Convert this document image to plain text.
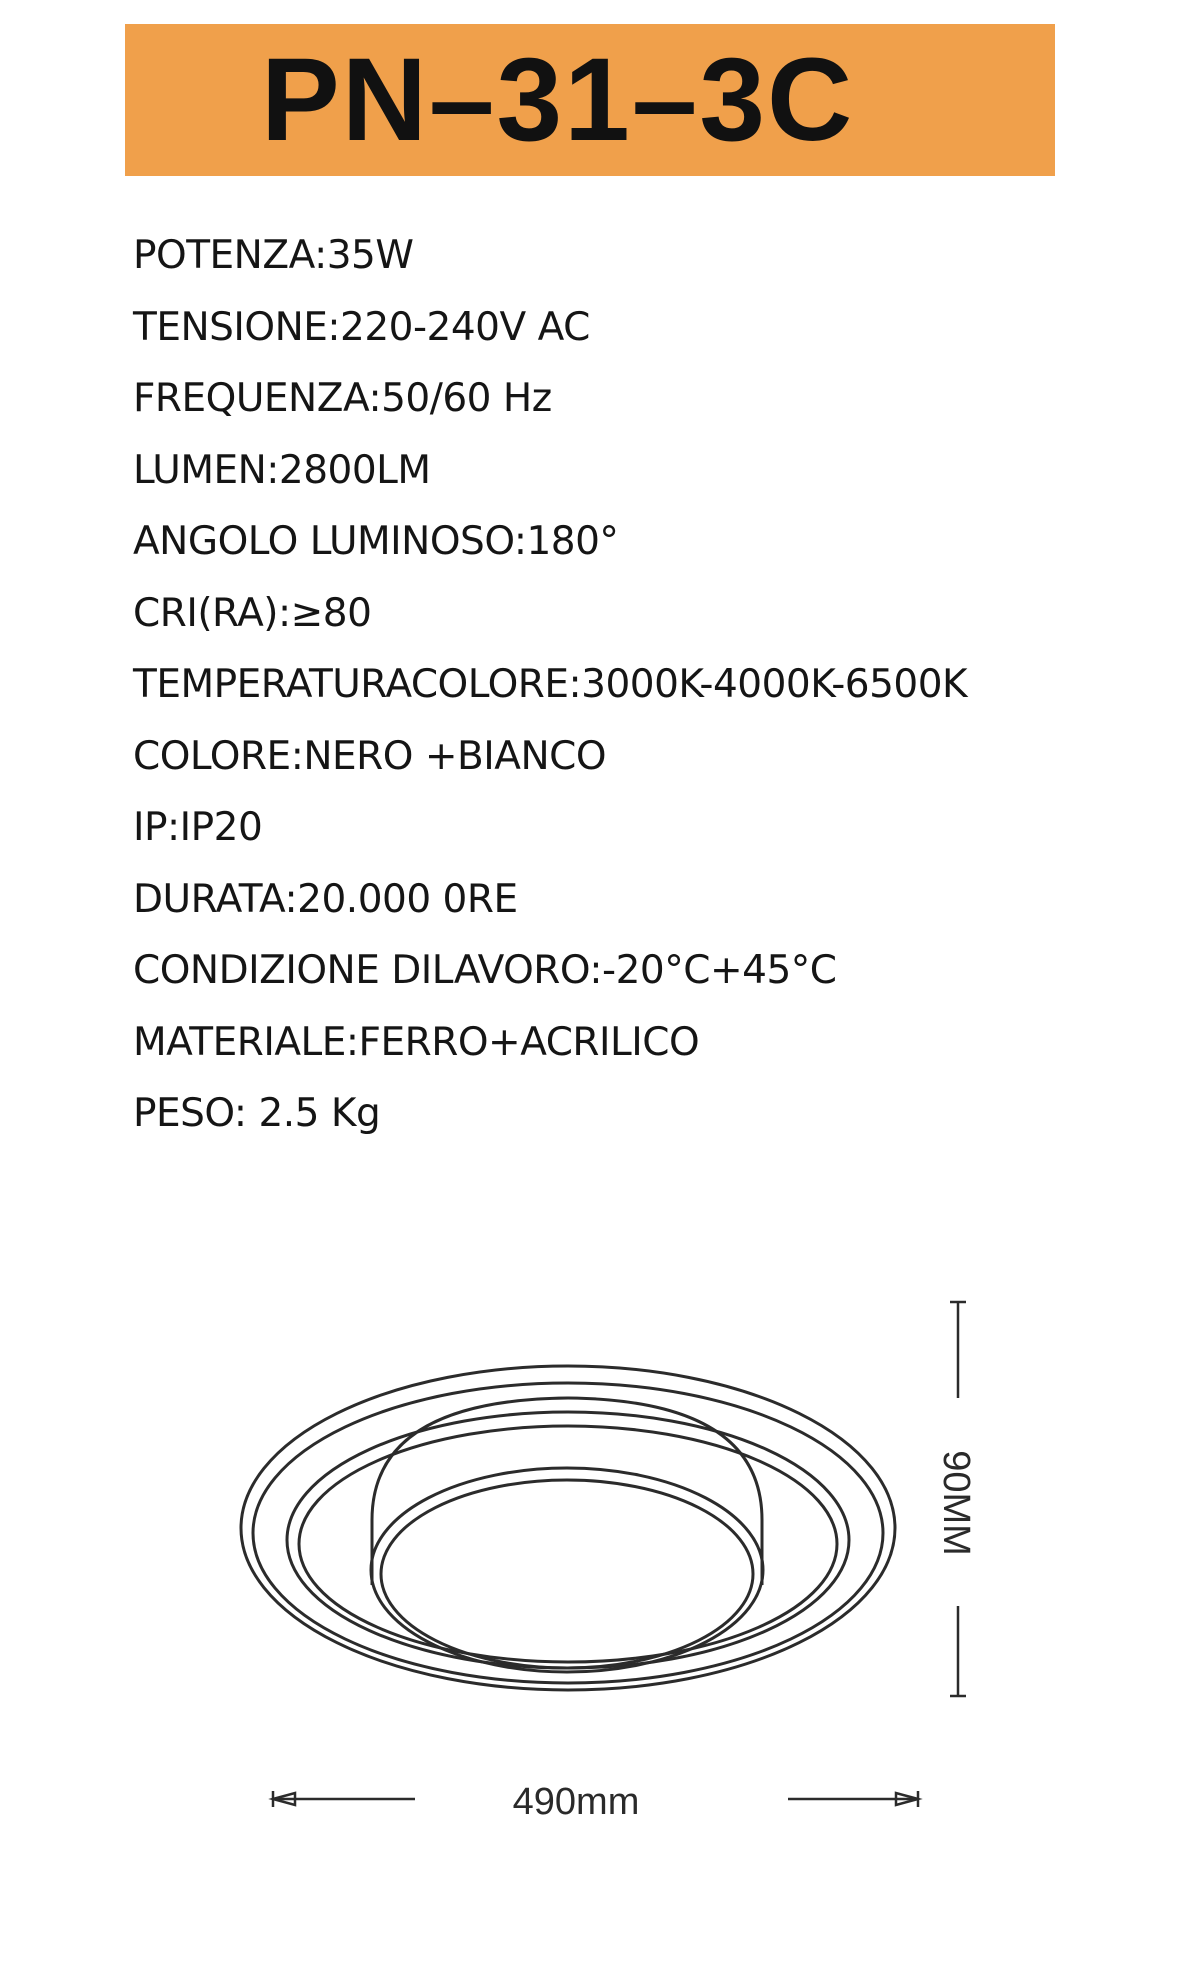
PN–31–3C
POTENZA:35W
TENSIONE:220-240V AC
FREQUENZA:50/60 Hz
LUMEN:2800LM
ANGOLO LUMINOSO:180°
CRI(RA):≥80
TEMPERATURACOLORE:3000K-4000K-6500K
COLORE:NERO +BIANCO
IP:IP20
DURATA:20.000 0RE
CONDIZIONE DILAVORO:-20°C+45°C
MATERIALE:FERRO+ACRILICO
PESO: 2.5 Kg
90MM
490mm
